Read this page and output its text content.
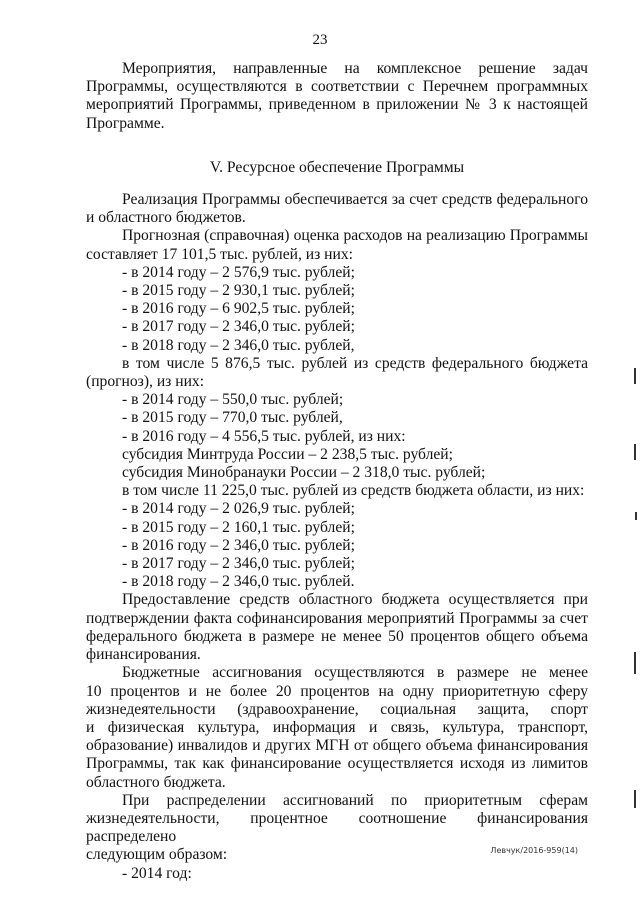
23
Мероприятия, направленные на комплексное решение задач
Программы, осуществляются в соответствии с Перечнем программных
мероприятий Программы, приведенном в приложении № 3 к настоящей
Программе.
V. Ресурсное обеспечение Программы
Реализация Программы обеспечивается за счет средств федерального
и областного бюджетов.
Прогнозная (справочная) оценка расходов на реализацию Программы
составляет 17 101,5 тыс. рублей, из них:
- в 2014 году – 2 576,9 тыс. рублей;
- в 2015 году – 2 930,1 тыс. рублей;
- в 2016 году – 6 902,5 тыс. рублей;
- в 2017 году – 2 346,0 тыс. рублей;
- в 2018 году – 2 346,0 тыс. рублей,
в том числе 5 876,5 тыс. рублей из средств федерального бюджета
(прогноз), из них:
- в 2014 году – 550,0 тыс. рублей;
- в 2015 году – 770,0 тыс. рублей,
- в 2016 году – 4 556,5 тыс. рублей, из них:
субсидия Минтруда России – 2 238,5 тыс. рублей;
субсидия Минобранауки России – 2 318,0 тыс. рублей;
в том числе 11 225,0 тыс. рублей из средств бюджета области, из них:
- в 2014 году – 2 026,9 тыс. рублей;
- в 2015 году – 2 160,1 тыс. рублей;
- в 2016 году – 2 346,0 тыс. рублей;
- в 2017 году – 2 346,0 тыс. рублей;
- в 2018 году – 2 346,0 тыс. рублей.
Предоставление средств областного бюджета осуществляется при
подтверждении факта софинансирования мероприятий Программы за счет
федерального бюджета в размере не менее 50 процентов общего объема
финансирования.
Бюджетные ассигнования осуществляются в размере не менее
10 процентов и не более 20 процентов на одну приоритетную сферу
жизнедеятельности (здравоохранение, социальная защита, спорт
и физическая культура, информация и связь, культура, транспорт,
образование) инвалидов и других МГН от общего объема финансирования
Программы, так как финансирование осуществляется исходя из лимитов
областного бюджета.
При распределении ассигнований по приоритетным сферам
жизнедеятельности, процентное соотношение финансирования распределено
следующим образом:
- 2014 год:
Левчук/2016-959(14)
